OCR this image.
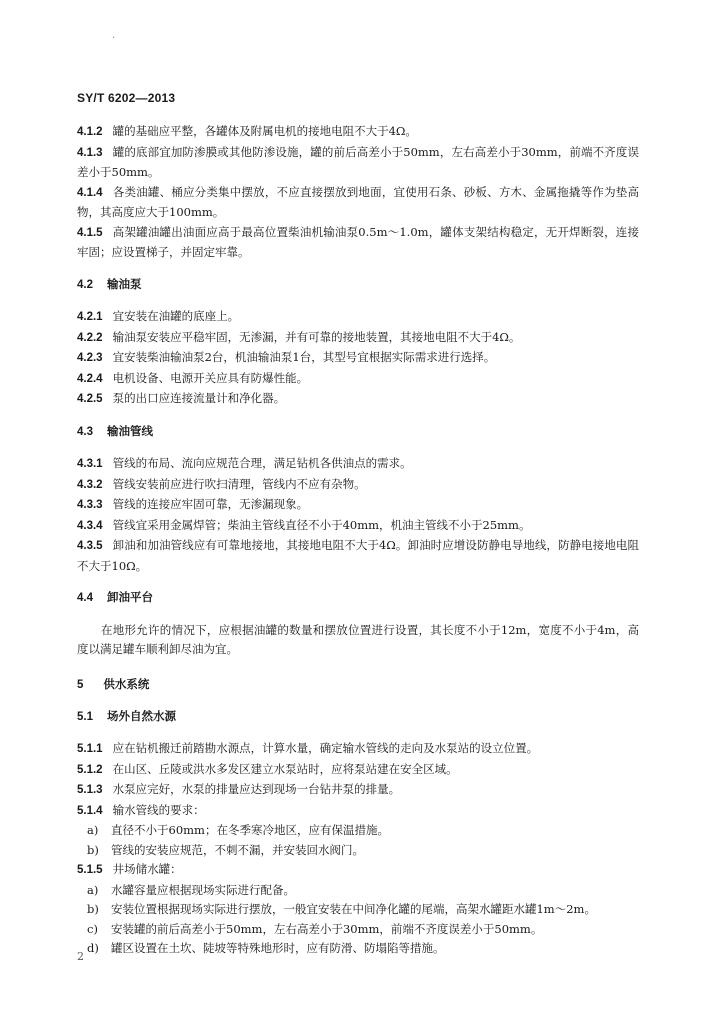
·
SY/T 6202—2013

4.1.2 罐的基础应平整，各罐体及附属电机的接地电阻不大于4Ω。

4.1.3 罐的底部宜加防渗膜或其他防渗设施，罐的前后高差小于50mm，左右高差小于30mm，前端不齐度误差小于50mm。

4.1.4 各类油罐、桶应分类集中摆放，不应直接摆放到地面，宜使用石条、砂板、方木、金属拖撬等作为垫高物，其高度应大于100mm。

4.1.5 高架罐油罐出油面应高于最高位置柴油机输油泵0.5m～1.0m，罐体支架结构稳定，无开焊断裂，连接牢固；应设置梯子，并固定牢靠。

4.2 输油泵

4.2.1 宜安装在油罐的底座上。

4.2.2 输油泵安装应平稳牢固，无渗漏，并有可靠的接地装置，其接地电阻不大于4Ω。

4.2.3 宜安装柴油输油泵2台，机油输油泵1台，其型号宜根据实际需求进行选择。

4.2.4 电机设备、电源开关应具有防爆性能。

4.2.5 泵的出口应连接流量计和净化器。

4.3 输油管线

4.3.1 管线的布局、流向应规范合理，满足钻机各供油点的需求。

4.3.2 管线安装前应进行吹扫清理，管线内不应有杂物。

4.3.3 管线的连接应牢固可靠，无渗漏现象。

4.3.4 管线宜采用金属焊管；柴油主管线直径不小于40mm，机油主管线不小于25mm。

4.3.5 卸油和加油管线应有可靠地接地，其接地电阻不大于4Ω。卸油时应增设防静电导地线，防静电接地电阻不大于10Ω。

4.4 卸油平台

在地形允许的情况下，应根据油罐的数量和摆放位置进行设置，其长度不小于12m，宽度不小于4m，高度以满足罐车顺利卸尽油为宜。

5 供水系统
5.1 场外自然水源

5.1.1 应在钻机搬迁前踏勘水源点，计算水量，确定输水管线的走向及水泵站的设立位置。

5.1.2 在山区、丘陵或洪水多发区建立水泵站时，应将泵站建在安全区域。

5.1.3 水泵应完好，水泵的排量应达到现场一台钻井泵的排量。

5.1.4 输水管线的要求：

a) 直径不小于60mm；在冬季寒冷地区，应有保温措施。

b) 管线的安装应规范，不刺不漏，并安装回水阀门。

5.1.5 井场储水罐：

a) 水罐容量应根据现场实际进行配备。

b) 安装位置根据现场实际进行摆放，一般宜安装在中间净化罐的尾端，高架水罐距水罐1m～2m。

c) 安装罐的前后高差小于50mm，左右高差小于30mm，前端不齐度误差小于50mm。

d) 罐区设置在土坎、陡坡等特殊地形时，应有防滑、防塌陷等措施。

2
